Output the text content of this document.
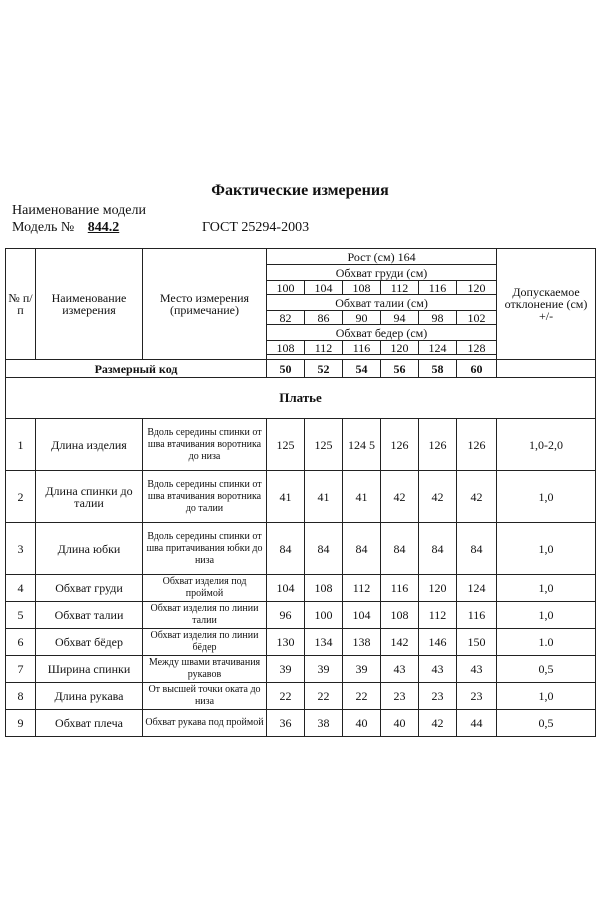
Фактические измерения
Наименование модели
Модель № 844.2	ГОСТ 25294-2003
№ п/п	Наименование измерения	Место измерения (примечание)	Рост (см) 164						Допускаемое отклонение (см) +/-
			Обхват груди (см)						
			100	104	108	112	116	120	
			Обхват талии (см)						
			82	86	90	94	98	102	
			Обхват бедер (см)						
			108	112	116	120	124	128	

Размерный код			50	52	54	56	58	60	
Платье									
1	Длина изделия	Вдоль середины спинки от шва втачивания воротника до низа	125	125	124 5	126	126	126	1,0-2,0
2	Длина спинки до талии	Вдоль середины спинки от шва втачивания воротника до талии	41	41	41	42	42	42	1,0
3	Длина юбки	Вдоль середины спинки от шва притачивания юбки до низа	84	84	84	84	84	84	1,0
4	Обхват груди	Обхват изделия под проймой	104	108	112	116	120	124	1,0
5	Обхват талии	Обхват изделия по линии талии	96	100	104	108	112	116	1,0
6	Обхват бёдер	Обхват изделия по линии бёдер	130	134	138	142	146	150	1.0
7	Ширина спинки	Между швами втачивания рукавов	39	39	39	43	43	43	0,5
8	Длина рукава	От высшей точки оката до низа	22	22	22	23	23	23	1,0
9	Обхват плеча	Обхват рукава под проймой	36	38	40	40	42	44	0,5
